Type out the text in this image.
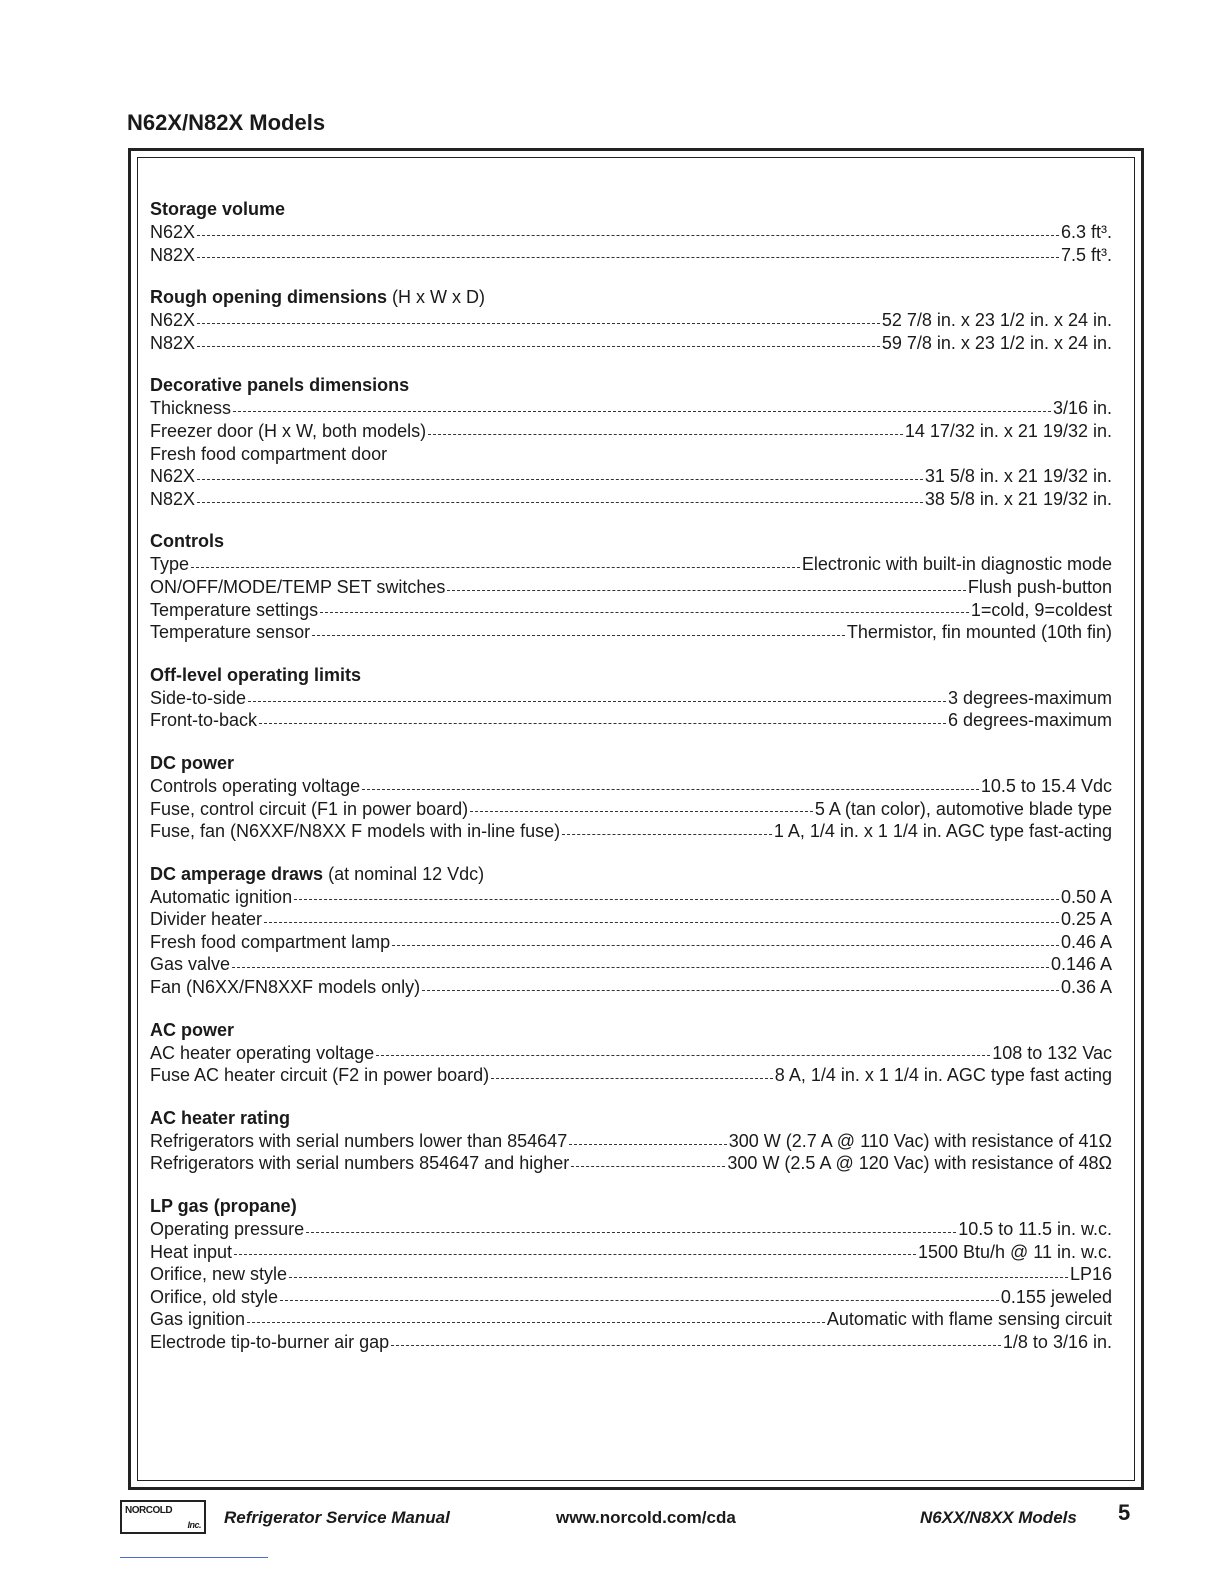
N62X/N82X Models
Storage volume
N62X	6.3 ft³.
N82X	7.5 ft³.
Rough opening dimensions (H x W x D)
N62X	52 7/8 in. x 23 1/2 in. x 24 in.
N82X	59 7/8 in. x 23 1/2 in. x 24 in.
Decorative panels dimensions
Thickness	3/16 in.
Freezer door (H x W, both models)	14 17/32 in. x 21 19/32 in.
Fresh food compartment door
N62X	31 5/8 in. x 21 19/32 in.
N82X	38 5/8 in. x 21 19/32 in.
Controls
Type	Electronic with built-in diagnostic mode
ON/OFF/MODE/TEMP SET switches	Flush push-button
Temperature settings	1=cold, 9=coldest
Temperature sensor	Thermistor, fin mounted (10th fin)
Off-level operating limits
Side-to-side	3 degrees-maximum
Front-to-back	6 degrees-maximum
DC power
Controls operating voltage	10.5 to 15.4 Vdc
Fuse, control circuit (F1 in power board)	5 A (tan color), automotive blade type
Fuse, fan (N6XXF/N8XX F models with in-line fuse)	1 A, 1/4 in. x 1 1/4 in. AGC type fast-acting
DC amperage draws (at nominal 12 Vdc)
Automatic ignition	0.50 A
Divider heater	0.25 A
Fresh food compartment lamp	0.46 A
Gas valve	0.146 A
Fan (N6XX/FN8XXF models only)	0.36 A
AC power
AC heater operating voltage	108 to 132 Vac
Fuse AC heater circuit (F2 in power board)	8 A, 1/4 in. x 1 1/4 in. AGC type fast acting
AC heater rating
Refrigerators with serial numbers lower than 854647	300 W (2.7 A @ 110 Vac) with resistance of 41Ω
Refrigerators with serial numbers 854647 and higher	300 W (2.5 A @ 120 Vac) with resistance of 48Ω
LP gas (propane)
Operating pressure	10.5 to 11.5 in. w.c.
Heat input	1500 Btu/h @ 11 in. w.c.
Orifice, new style	LP16
Orifice, old style	0.155 jeweled
Gas ignition	Automatic with flame sensing circuit
Electrode tip-to-burner air gap	1/8 to 3/16 in.
NORCOLD
Inc. Refrigerator Service Manual	www.norcold.com/cda	N6XX/N8XX Models 5
